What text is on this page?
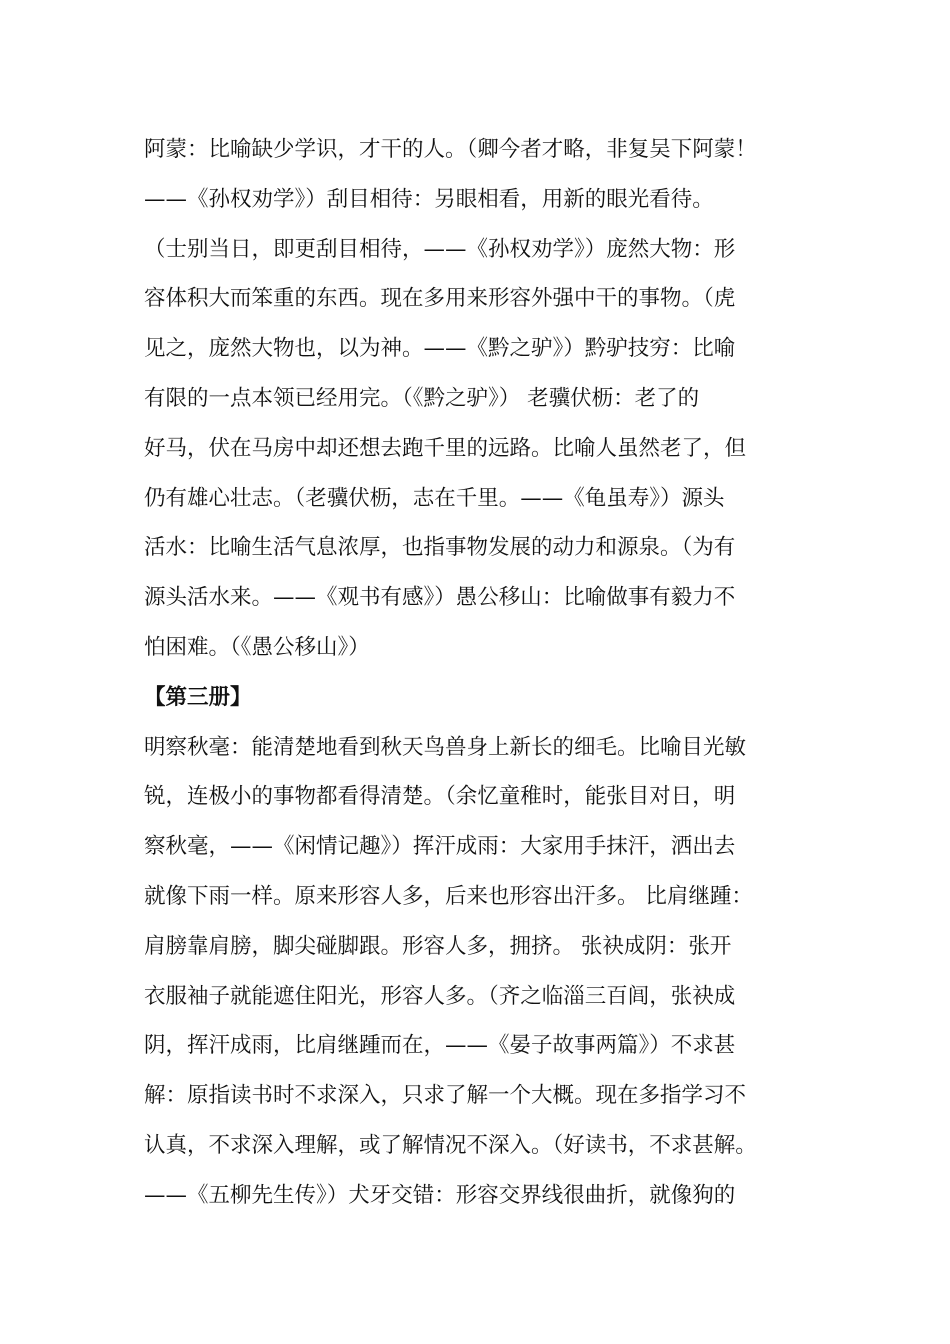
阿蒙：比喻缺少学识，才干的人。（卿今者才略，非复吴下阿蒙！
——《孙权劝学》）刮目相待：另眼相看，用新的眼光看待。
（士别当日，即更刮目相待，——《孙权劝学》）庞然大物：形
容体积大而笨重的东西。现在多用来形容外强中干的事物。（虎
见之，庞然大物也，以为神。——《黔之驴》）黔驴技穷：比喻
有限的一点本领已经用完。（《黔之驴》） 老骥伏枥：老了的
好马，伏在马房中却还想去跑千里的远路。比喻人虽然老了，但
仍有雄心壮志。（老骥伏枥，志在千里。——《龟虽寿》）源头
活水：比喻生活气息浓厚，也指事物发展的动力和源泉。（为有
源头活水来。——《观书有感》）愚公移山：比喻做事有毅力不
怕困难。（《愚公移山》）
【第三册】
明察秋毫：能清楚地看到秋天鸟兽身上新长的细毛。比喻目光敏
锐，连极小的事物都看得清楚。（余忆童稚时，能张目对日，明
察秋毫，——《闲情记趣》）挥汗成雨：大家用手抹汗，洒出去
就像下雨一样。原来形容人多，后来也形容出汗多。 比肩继踵：
肩膀靠肩膀，脚尖碰脚跟。形容人多，拥挤。 张袂成阴：张开
衣服袖子就能遮住阳光，形容人多。（齐之临淄三百闾，张袂成
阴，挥汗成雨，比肩继踵而在，——《晏子故事两篇》）不求甚
解：原指读书时不求深入，只求了解一个大概。现在多指学习不
认真，不求深入理解，或了解情况不深入。（好读书，不求甚解。
——《五柳先生传》）犬牙交错：形容交界线很曲折，就像狗的
